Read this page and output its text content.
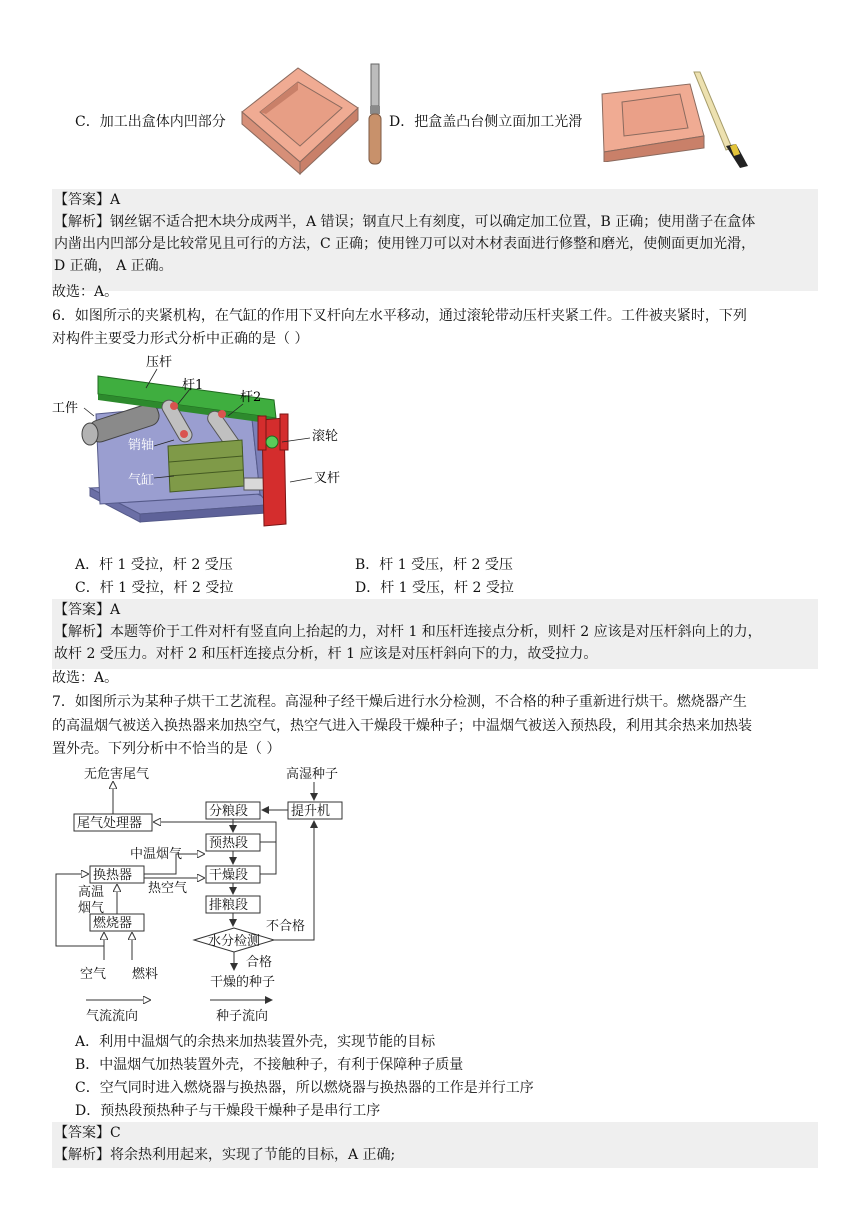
C．加工出盒体内凹部分	D．把盒盖凸台侧立面加工光滑
【答案】A
【解析】钢丝锯不适合把木块分成两半，A 错误；钢直尺上有刻度，可以确定加工位置，B 正确；使用凿子在盒体
内凿出内凹部分是比较常见且可行的方法，C 正确；使用锉刀可以对木材表面进行修整和磨光，使侧面更加光滑，
D 正确， A 正确。
故选：A。
6．如图所示的夹紧机构，在气缸的作用下叉杆向左水平移动，通过滚轮带动压杆夹紧工件。工件被夹紧时，下列
对构件主要受力形式分析中正确的是（ ）
压杆
杆1
杆2
工件
销轴
滚轮
气缸	叉杆
A．杆 1 受拉，杆 2 受压	B．杆 1 受压，杆 2 受压
C．杆 1 受拉，杆 2 受拉	D．杆 1 受压，杆 2 受拉
【答案】A
【解析】本题等价于工件对杆有竖直向上抬起的力，对杆 1 和压杆连接点分析，则杆 2 应该是对压杆斜向上的力，
故杆 2 受压力。对杆 2 和压杆连接点分析，杆 1 应该是对压杆斜向下的力，故受拉力。
故选：A。
7．如图所示为某种子烘干工艺流程。高湿种子经干燥后进行水分检测，不合格的种子重新进行烘干。燃烧器产生
的高温烟气被送入换热器来加热空气，热空气进入干燥段干燥种子；中温烟气被送入预热段，利用其余热来加热装
置外壳。下列分析中不恰当的是（ ）
无危害尾气	高湿种子
分粮段	提升机
尾气处理器
预热段
中温烟气
换热器	干燥段
高温
烟气
热空气
燃烧器
排粮段
不合格
水分检测
合格
干燥的种子
空气 燃料
气流流向	种子流向
A．利用中温烟气的余热来加热装置外壳，实现节能的目标
B．中温烟气加热装置外壳，不接触种子，有利于保障种子质量
C．空气同时进入燃烧器与换热器，所以燃烧器与换热器的工作是并行工序
D．预热段预热种子与干燥段干燥种子是串行工序
【答案】C
【解析】将余热利用起来，实现了节能的目标，A 正确;
